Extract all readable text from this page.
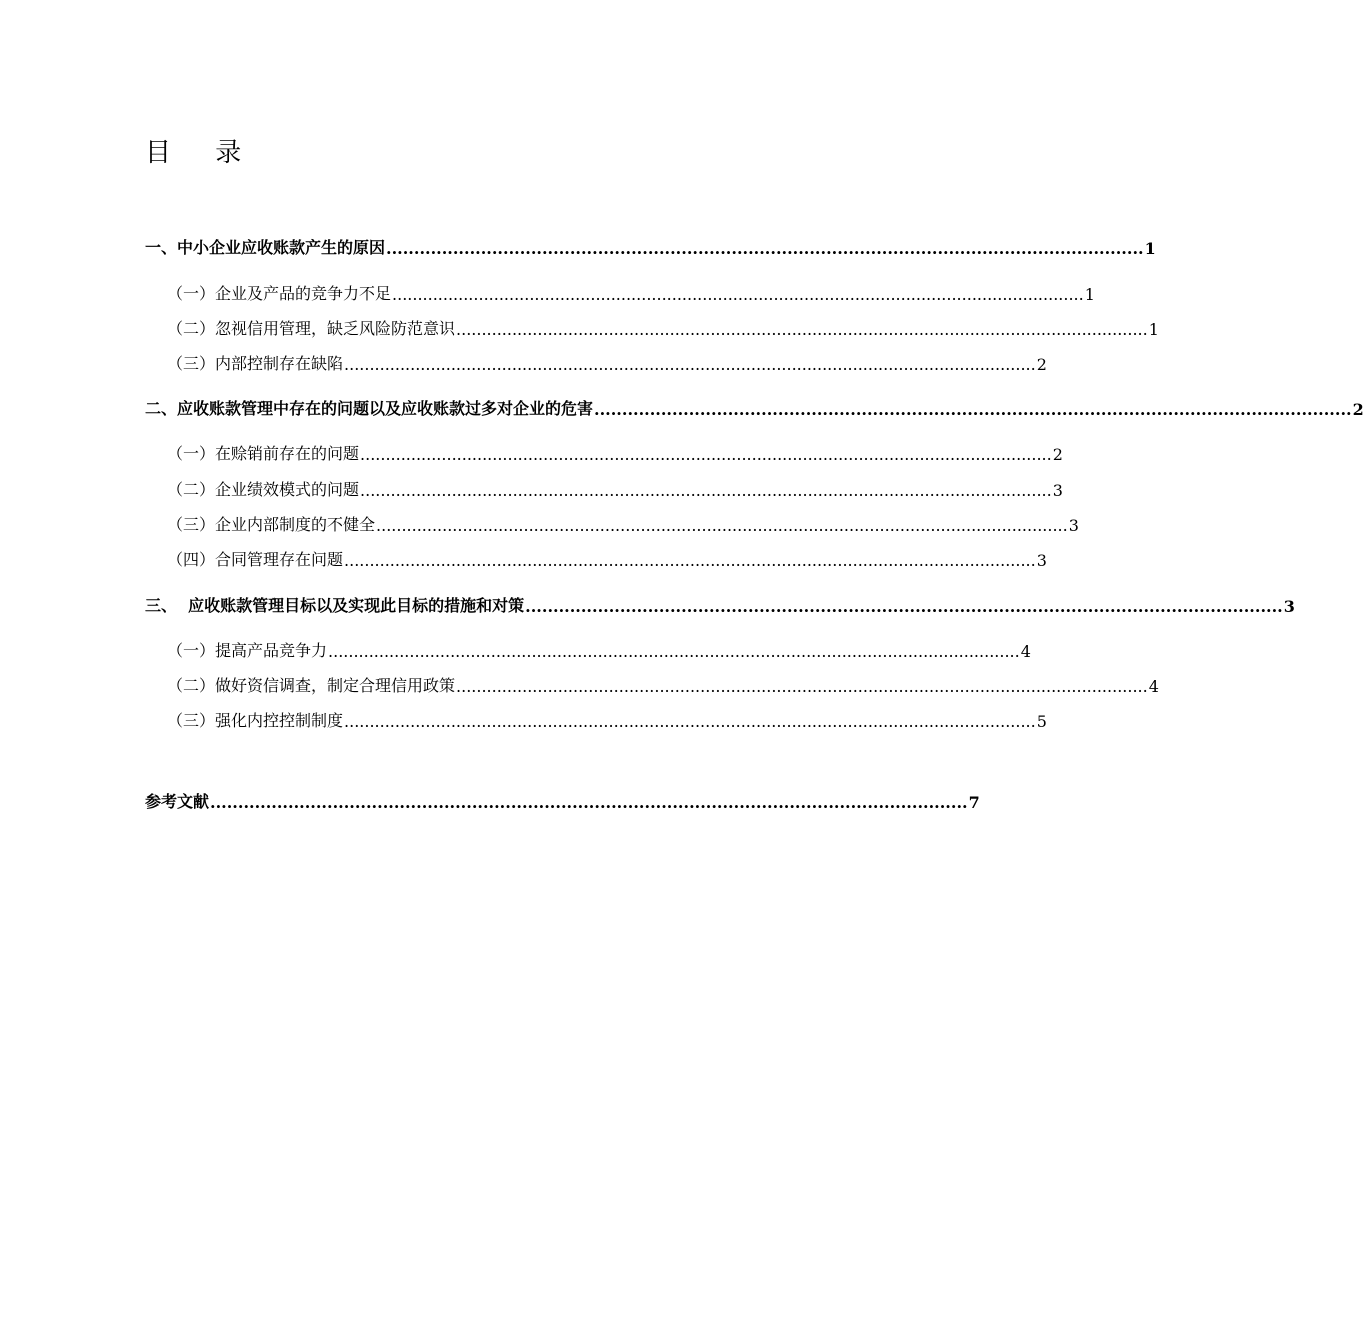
目 录
一、中小企业应收账款产生的原因 ........................................................................................................................................ 1
（一）企业及产品的竞争力不足 ........................................................................................................................................ 1
（二）忽视信用管理，缺乏风险防范意识 ........................................................................................................................................ 1
（三）内部控制存在缺陷 ........................................................................................................................................ 2
二、应收账款管理中存在的问题以及应收账款过多对企业的危害 ........................................................................................................................................ 2
（一）在赊销前存在的问题 ........................................................................................................................................ 2
（二）企业绩效模式的问题 ........................................................................................................................................ 3
（三）企业内部制度的不健全 ........................................................................................................................................ 3
（四）合同管理存在问题 ........................................................................................................................................ 3
三、  应收账款管理目标以及实现此目标的措施和对策 ........................................................................................................................................ 3
（一）提高产品竞争力 ........................................................................................................................................ 4
（二）做好资信调查，制定合理信用政策 ........................................................................................................................................ 4
（三）强化内控控制制度 ........................................................................................................................................ 5
参考文献 ........................................................................................................................................ 7
